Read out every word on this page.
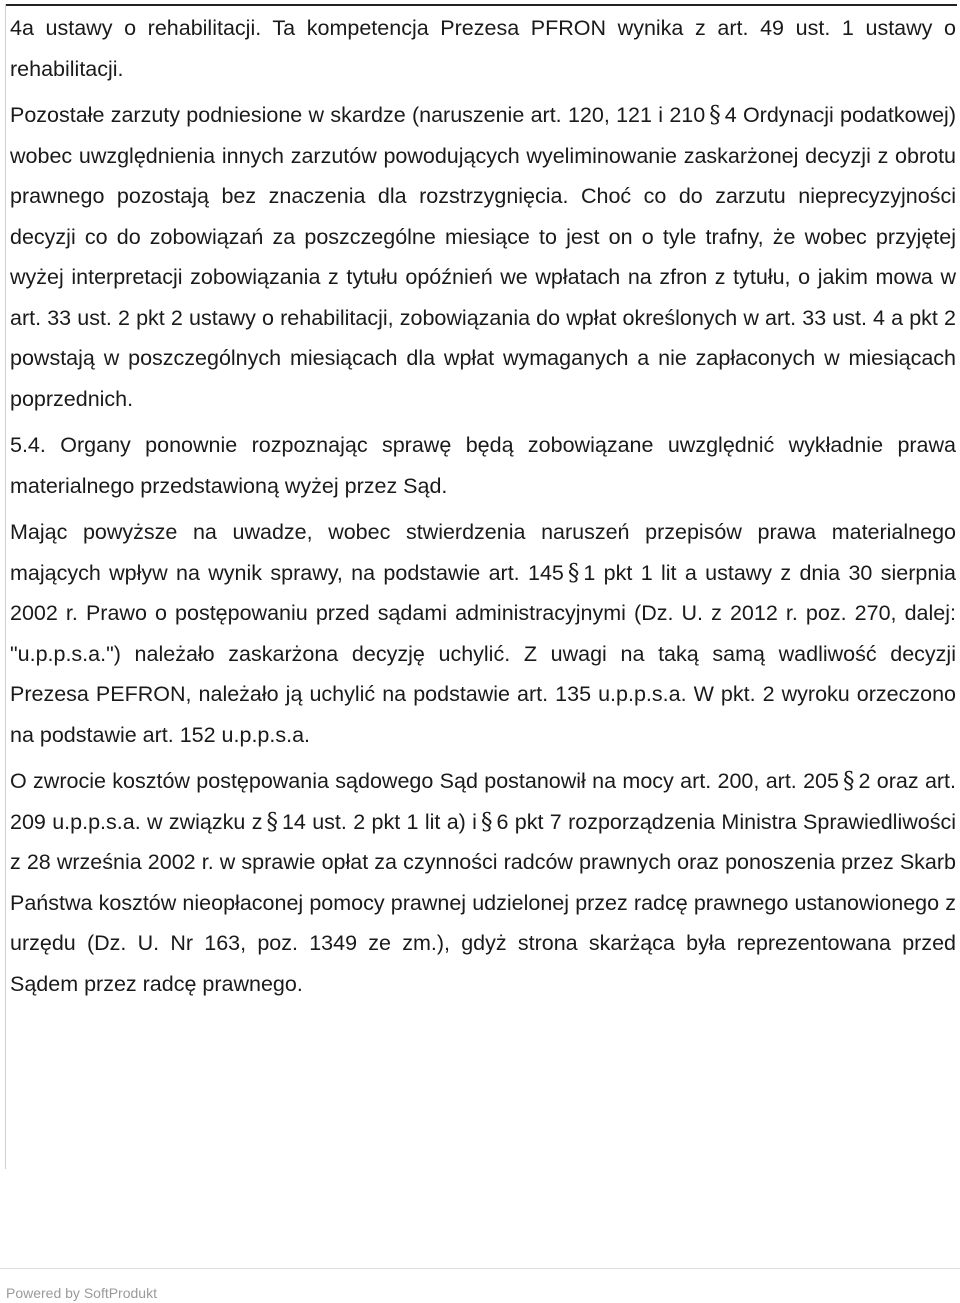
4a ustawy o rehabilitacji. Ta kompetencja Prezesa PFRON wynika z art. 49 ust. 1 ustawy o rehabilitacji.

Pozostałe zarzuty podniesione w skardze (naruszenie art. 120, 121 i 210 § 4 Ordynacji podatkowej) wobec uwzględnienia innych zarzutów powodujących wyeliminowanie zaskarżonej decyzji z obrotu prawnego pozostają bez znaczenia dla rozstrzygnięcia. Choć co do zarzutu nieprecyzyjności decyzji co do zobowiązań za poszczególne miesiące to jest on o tyle trafny, że wobec przyjętej wyżej interpretacji zobowiązania z tytułu opóźnień we wpłatach na zfron z tytułu, o jakim mowa w art. 33 ust. 2 pkt 2 ustawy o rehabilitacji, zobowiązania do wpłat określonych w art. 33 ust. 4 a pkt 2 powstają w poszczególnych miesiącach dla wpłat wymaganych a nie zapłaconych w miesiącach poprzednich.

5.4. Organy ponownie rozpoznając sprawę będą zobowiązane uwzględnić wykładnie prawa materialnego przedstawioną wyżej przez Sąd.

Mając powyższe na uwadze, wobec stwierdzenia naruszeń przepisów prawa materialnego mających wpływ na wynik sprawy, na podstawie art. 145 § 1 pkt 1 lit a ustawy z dnia 30 sierpnia 2002 r. Prawo o postępowaniu przed sądami administracyjnymi (Dz. U. z 2012 r. poz. 270, dalej: "u.p.p.s.a.") należało zaskarżona decyzję uchylić. Z uwagi na taką samą wadliwość decyzji Prezesa PEFRON, należało ją uchylić na podstawie art. 135 u.p.p.s.a. W pkt. 2 wyroku orzeczono na podstawie art. 152 u.p.p.s.a.

O zwrocie kosztów postępowania sądowego Sąd postanowił na mocy art. 200, art. 205 § 2 oraz art. 209 u.p.p.s.a. w związku z § 14 ust. 2 pkt 1 lit a) i § 6 pkt 7 rozporządzenia Ministra Sprawiedliwości z 28 września 2002 r. w sprawie opłat za czynności radców prawnych oraz ponoszenia przez Skarb Państwa kosztów nieopłaconej pomocy prawnej udzielonej przez radcę prawnego ustanowionego z urzędu (Dz. U. Nr 163, poz. 1349 ze zm.), gdyż strona skarżąca była reprezentowana przed Sądem przez radcę prawnego.

Powered by SoftProdukt
